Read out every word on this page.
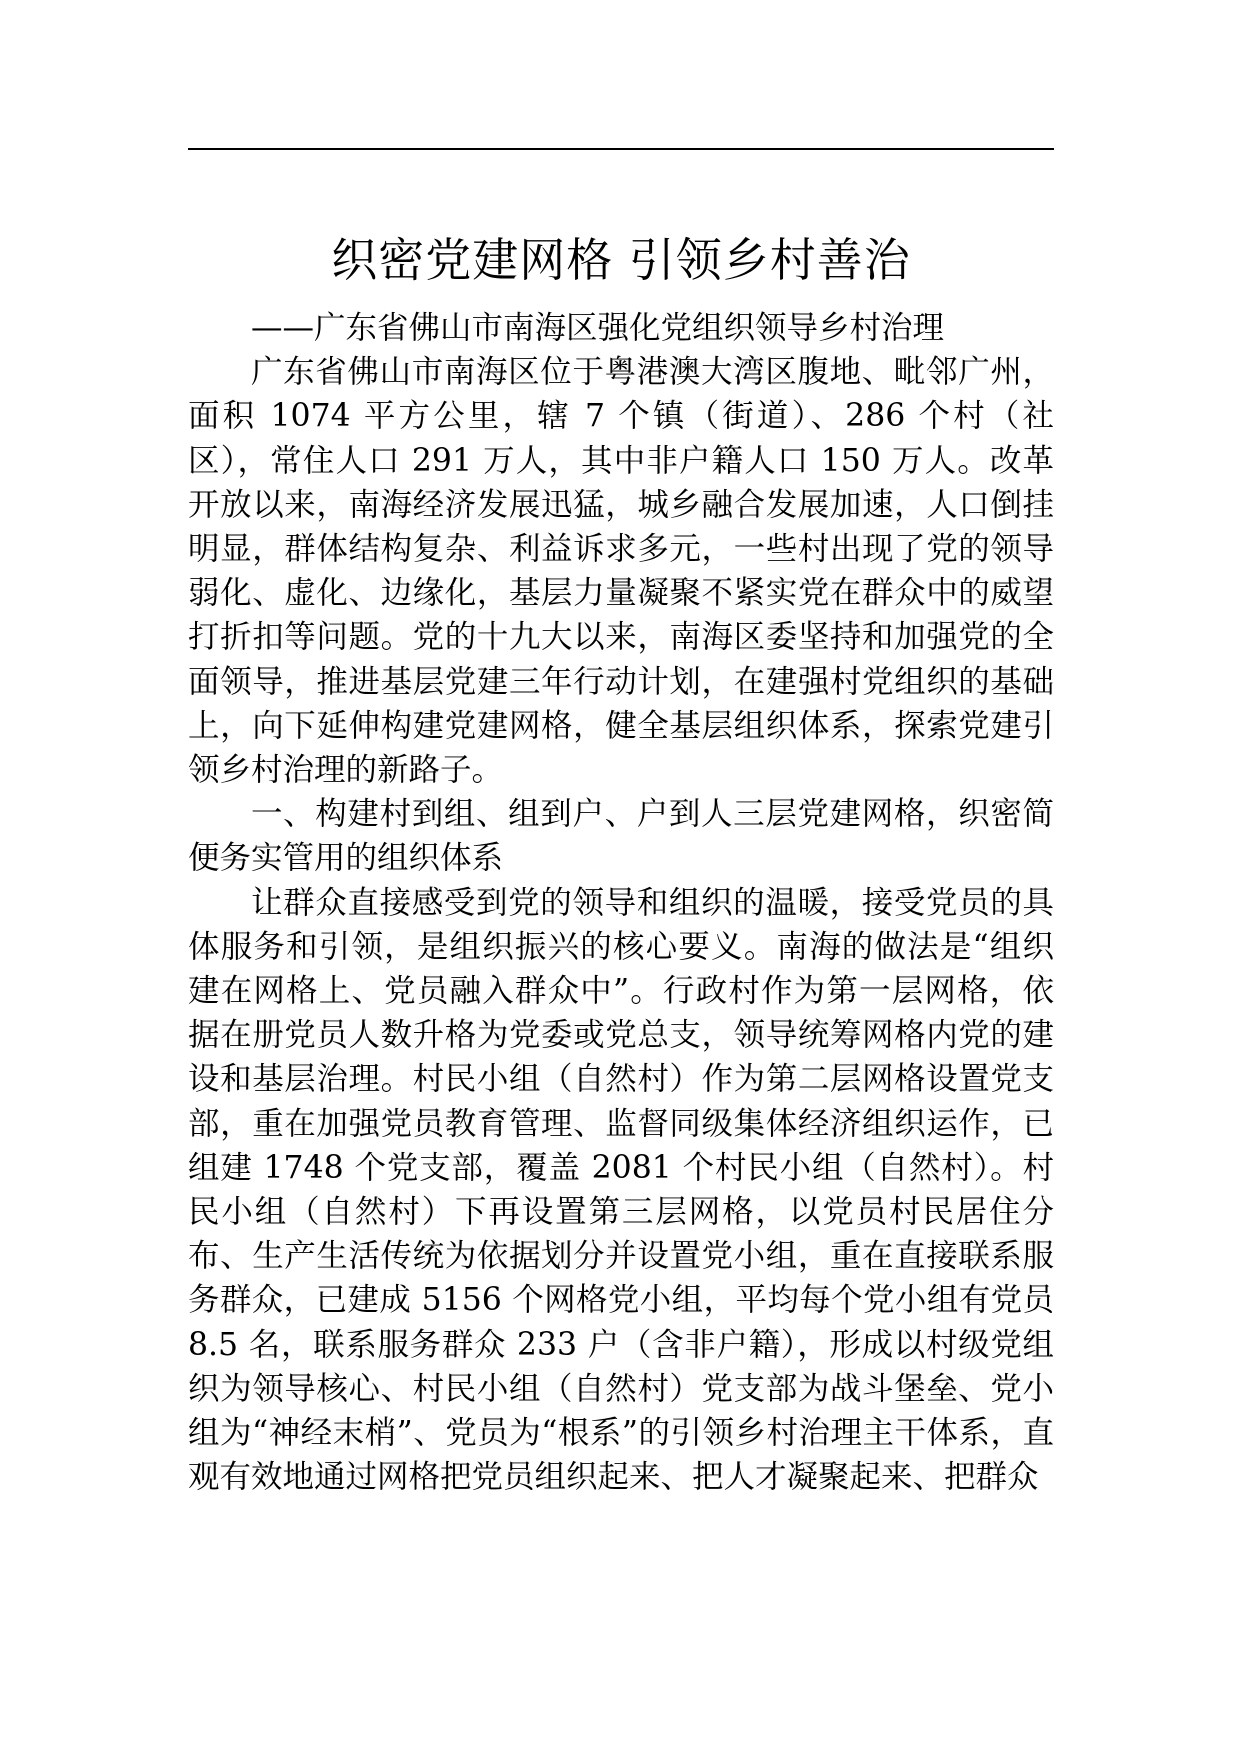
织密党建网格 引领乡村善治

——广东省佛山市南海区强化党组织领导乡村治理

广东省佛山市南海区位于粤港澳大湾区腹地、毗邻广州，面积 1074 平方公里，辖 7 个镇（街道）、286 个村（社区），常住人口 291 万人，其中非户籍人口 150 万人。改革开放以来，南海经济发展迅猛，城乡融合发展加速，人口倒挂明显，群体结构复杂、利益诉求多元，一些村出现了党的领导弱化、虚化、边缘化，基层力量凝聚不紧实党在群众中的威望打折扣等问题。党的十九大以来，南海区委坚持和加强党的全面领导，推进基层党建三年行动计划，在建强村党组织的基础上，向下延伸构建党建网格，健全基层组织体系，探索党建引领乡村治理的新路子。

一、构建村到组、组到户、户到人三层党建网格，织密简便务实管用的组织体系

让群众直接感受到党的领导和组织的温暖，接受党员的具体服务和引领，是组织振兴的核心要义。南海的做法是“组织建在网格上、党员融入群众中”。行政村作为第一层网格，依据在册党员人数升格为党委或党总支，领导统筹网格内党的建设和基层治理。村民小组（自然村）作为第二层网格设置党支部，重在加强党员教育管理、监督同级集体经济组织运作，已组建 1748 个党支部，覆盖 2081 个村民小组（自然村）。村民小组（自然村）下再设置第三层网格，以党员村民居住分布、生产生活传统为依据划分并设置党小组，重在直接联系服务群众，已建成 5156 个网格党小组，平均每个党小组有党员 8.5 名，联系服务群众 233 户（含非户籍），形成以村级党组织为领导核心、村民小组（自然村）党支部为战斗堡垒、党小组为“神经末梢”、党员为“根系”的引领乡村治理主干体系，直观有效地通过网格把党员组织起来、把人才凝聚起来、把群众
